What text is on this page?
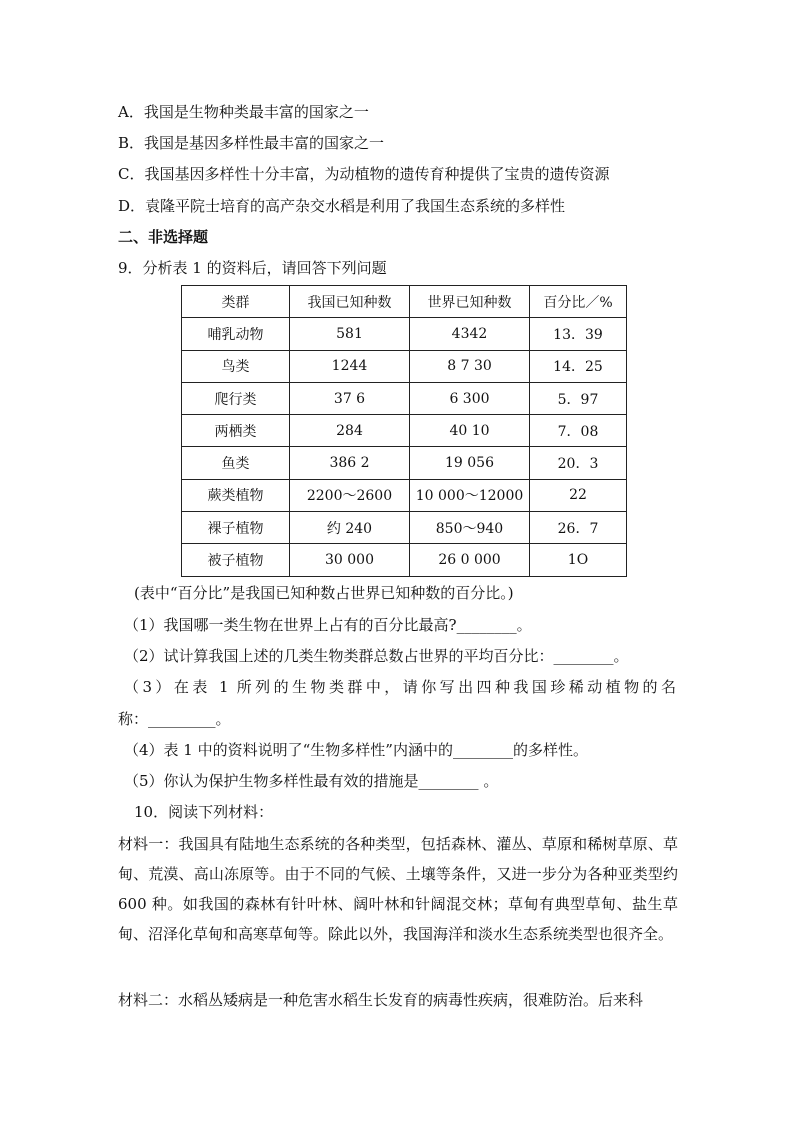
A．我国是生物种类最丰富的国家之一
B．我国是基因多样性最丰富的国家之一
C．我国基因多样性十分丰富，为动植物的遗传育种提供了宝贵的遗传资源
D．袁隆平院士培育的高产杂交水稻是利用了我国生态系统的多样性
二、非选择题
9．分析表 1 的资料后，请回答下列问题
类群	我国已知种数	世界已知种数	百分比／%
哺乳动物	581	4342	13．39
鸟类	1244	8 7 30	14．25
爬行类	37 6	6 300	5．97
两栖类	284	40 10	7．08
鱼类	386 2	19 056	20．3
蕨类植物	2200～2600	10 000～12000	22
裸子植物	约 240	850～940	26．7
被子植物	30 000	26 0 000	1O
(表中“百分比”是我国已知种数占世界已知种数的百分比。)
（1）我国哪一类生物在世界上占有的百分比最高?________。
（2）试计算我国上述的几类生物类群总数占世界的平均百分比：________。
（3）在表 1 所列的生物类群中，请你写出四种我国珍稀动植物的名
称：_________。
（4）表 1 中的资料说明了“生物多样性”内涵中的________的多样性。
（5）你认为保护生物多样性最有效的措施是________ 。
10．阅读下列材料：
材料一：我国具有陆地生态系统的各种类型，包括森林、灌丛、草原和稀树草原、草甸、荒漠、高山冻原等。由于不同的气候、土壤等条件，又进一步分为各种亚类型约 600 种。如我国的森林有针叶林、阔叶林和针阔混交林；草甸有典型草甸、盐生草甸、沼泽化草甸和高寒草甸等。除此以外，我国海洋和淡水生态系统类型也很齐全。
材料二：水稻丛矮病是一种危害水稻生长发育的病毒性疾病，很难防治。后来科
